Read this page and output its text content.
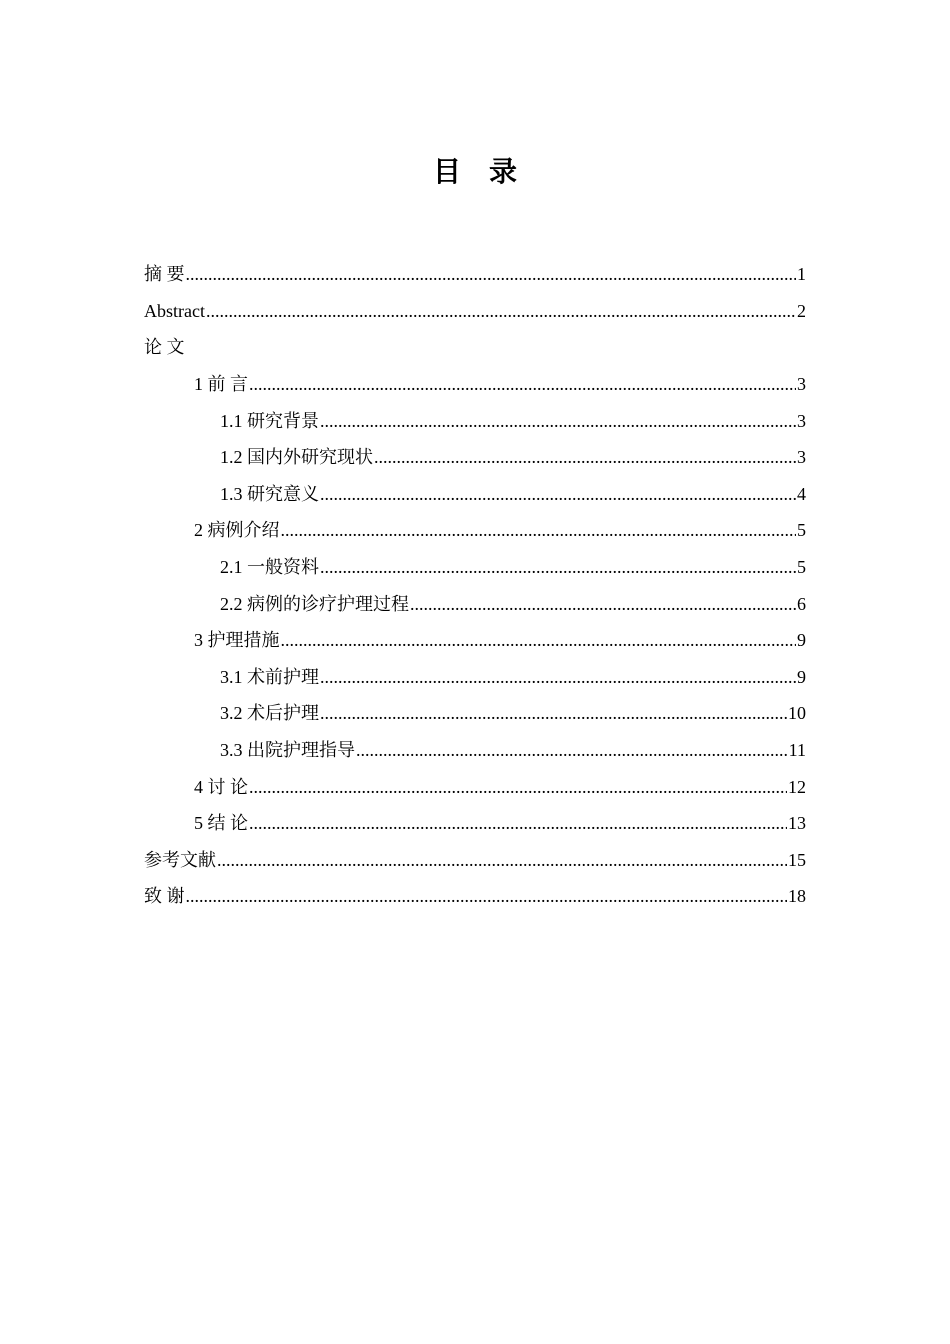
目　录
摘 要 .....	1
Abstract .....	2
论 文
1 前 言 .....	3
1.1 研究背景 .....	3
1.2 国内外研究现状 .....	3
1.3 研究意义 .....	4
2 病例介绍 .....	5
2.1 一般资料 .....	5
2.2 病例的诊疗护理过程 .....	6
3 护理措施 .....	9
3.1 术前护理 .....	9
3.2 术后护理 .....	10
3.3 出院护理指导 .....	11
4 讨 论 .....	12
5 结 论 .....	13
参考文献 .....	15
致 谢 .....	18
